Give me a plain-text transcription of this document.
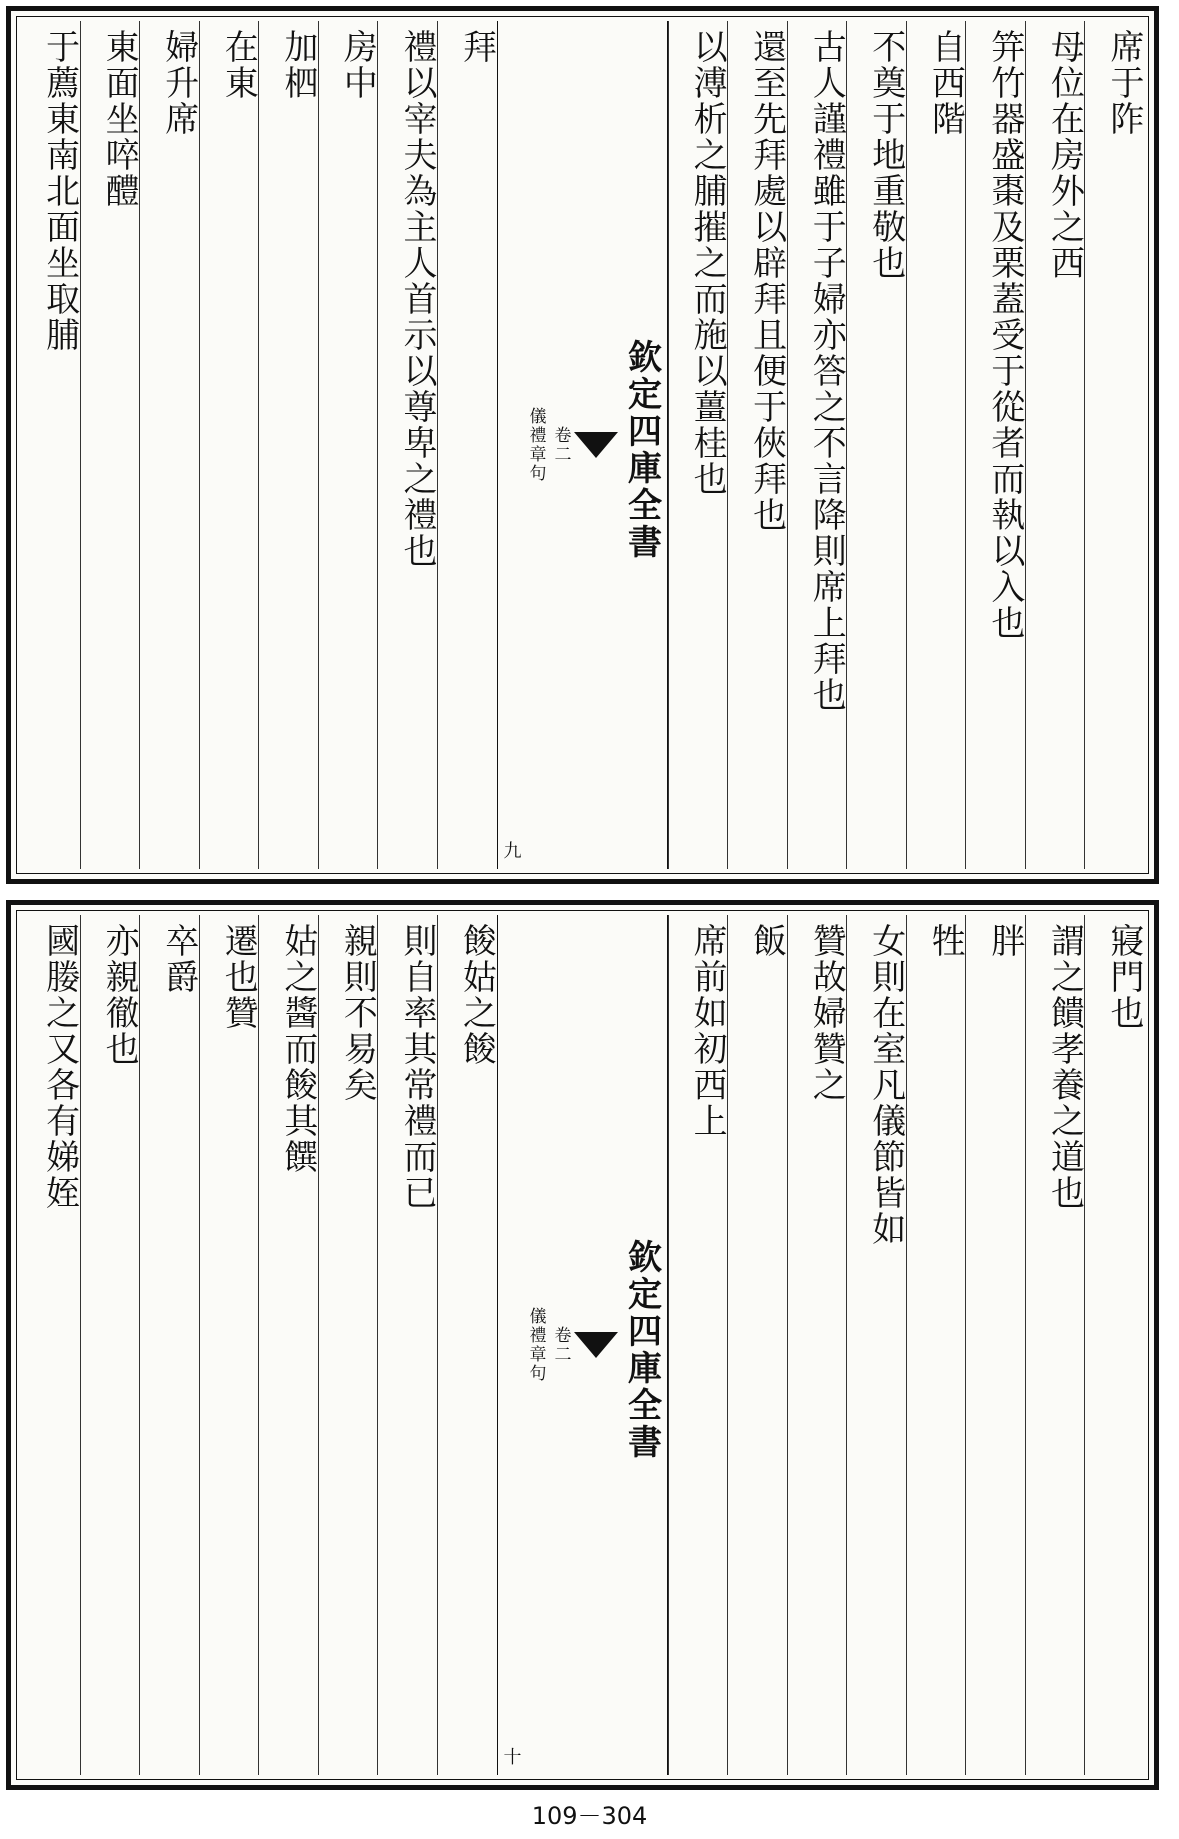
席于阼
母位在房外之西
笄竹器盛棗及栗蓋受于從者而執以入也
自西階
不奠于地重敬也
古人謹禮雖于子婦亦答之不言降則席上拜也
還至先拜處以辟拜且便于俠拜也
以溥析之脯摧之而施以薑桂也
欽定四庫全書
卷二
儀禮章句
九
拜
禮以宰夫為主人首示以尊卑之禮也
房中
加柶
在東
婦升席
東面坐啐醴
于薦東南北面坐取脯
寢門也
謂之饋孝養之道也
胖
牲
女則在室凡儀節皆如
贊故婦贊之
飯
席前如初西上
欽定四庫全書
卷二
儀禮章句
十
餕姑之餕
則自率其常禮而已
親則不易矣
姑之醬而餕其饌
遷也贊
卒爵
亦親徹也
國媵之又各有娣姪
109－304
